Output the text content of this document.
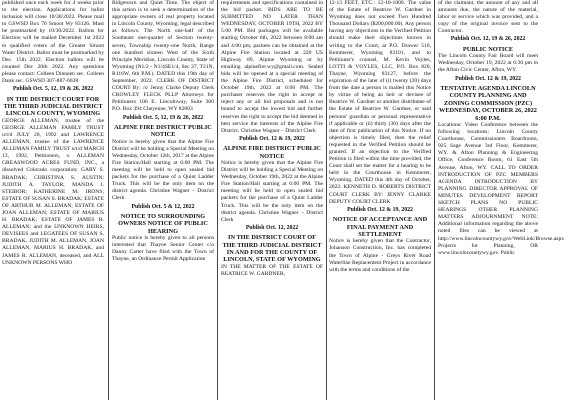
published once each week for 4 weeks prior to the election. Applications for ballot inclusion will close 10/30/2022. Please mail to GSWSD Box 76 Smoot Wy 83126. Must be postmarked by 10/30/2022. Ballots for Election will be mailed December 1st 2022 to qualified voters of the Greater Smoot Water District. Ballot must be postmarked by Dec. 15th 2022. Election ballots will be counted Dec 20th 2022. Any questions please contact: Colleen Dinneen sec. Colleen Dank sec. GSWSD 307-887-6638
Publish Oct. 5, 12, 19 & 26, 2022
IN THE DISTRICT COURT FOR THE THIRD JUDICIAL DISTRICT LINCOLN COUNTY, WYOMING
GEORGE ALLEMAN, trustee of the GEORGE ALLEMAN FAMILY TRUST u/t/d JULY 20, 1992 and LAWRENCE ALLEMAN, trustee of the LAWRENCE ALLEMAN FAMILY TRUST u/t/d MARCH 13, 1992, Petitioners, v. ALLEMAN GREASWOOD ACRES FUND, INC., a dissolved Colorado corporation; GARY S. BRADAK; CHRISTINA S. AUSTIN; JUDITH A. TAYLOR; MANDA J. STEIBOR; KATHERINE M. IRONS; ESTATE OF SUSAN S. BRADAK; ESTATE OF ARTHUR M. ALLEMAN; ESTATE OF JOAN ALLEMAN; ESTATE OF MARIUS H. BRADAK; ESTATE OF JAMES R. ALLEMAN; and the UNKNOWN HEIRS, DEVISEES and LEGATEES OF SUSAN S. BRADAK, JUDITH M. ALLEMAN, JOAN ALLEMAN, MARIUS H. BRADAK, and JAMES R. ALLEMAN, deceased, and ALL UNKNOWN PERSONS WHO
Ridgetown and Quiet Time. The object of this action is to seek a determination of the appropriate owners of real property located in Lincoln County, Wyoming, legal described as follows: The North one-half of the Southeast one-quarter of Section twenty-seven, Township twenty-one North, Range one hundred sixteen West of the Sixth Principle Meridian, Lincoln County, State of Wyoming (N1/2 - N1/4SE1/4, Sec 27, T21N, R116W, 6th P.M.). DATED this 19th day of September, 2022. CLERK OF DISTRICT COURT By: /s/ Jenny Clarke Deputy Clerk CROWLEY FLECK PLLP Attorneys for Petitioners 106 E. Lincolnway, Suite 300 P.O. Box 394 Cheyenne, WY 82003
Publish Oct. 5, 12, 19 & 26, 2022
ALPINE FIRE DISTRICT PUBLIC NOTICE
Notice is hereby given that the Alpine Fire District will be holding a Special Meeting on Wednesday, October 12th, 2017 at the Alpine Fire Station/Hall starting at 6:00 PM. The meeting will be held to open sealed bid packets for the purchase of a Quint Ladder Truck. This will be the only item on the district agenda. Christine Wagner – District Clerk
Publish Oct. 5 & 12, 2022
NOTICE TO SURROUNDING OWNERS NOTICE OF PUBLIC HEARING
Public notice is hereby given to all persons interested that Thayne Senior Center c/o Danny Carter have filed with the Town of Thayne, an Ordinance Permit Application
requirements and specifications contained in the bid packet. BIDS ARE TO BE SUBMITTED NO LATER THAN WEDNESDAY, OCTOBER 19TH, 2022 BY 5:00 PM. Bid packages will be available starting October 6th, 2022 between 8:00 am and 4:00 pm, packets can be obtained at the Alpine Fire Station located at 220 US Highway 89, Alpine Wyoming or by emailing alpinefire.wy@gmail.com. Sealed bids will be opened at a special meeting of the Alpine Fire District, scheduled for October 19th, 2022 at 6:00 PM. The purchaser reserves the right to accept or reject any or all bid proposals and is not bound to accept the lowest bid and further reserves the right to accept the bid deemed in best service the interests of the Alpine Fire District. Christine Wagner – District Clerk
Publish Oct. 12 & 19, 2022
ALPINE FIRE DISTRICT PUBLIC NOTICE
Notice is hereby given that the Alpine Fire District will be holding a Special Meeting on Wednesday, October 19th, 2022 at the Alpine Fire Station/Hall starting at 6:00 PM. The meeting will be held to open sealed bid packets for the purchase of a Quint Ladder Truck. This will be the only item on the district agenda. Christine Wagner – District Clerk
Publish Oct. 12, 2022
IN THE DISTRICT COURT OF THE THIRD JUDICIAL DISTRICT IN AND FOR THE COUNTY OF LINCOLN, STATE OF WYOMING
IN THE MATTER OF THE ESTATE OF BEATRICE W. GARDNER,
12-13 FEET, ETC.: 12-10-1000. The value of the Estate of Beatrice W. Gardner in Wyoming does not exceed Two Hundred Thousand Dollars ($200,000.00). Any person having any objections to the Verified Petition should make their objections known in writing to the Court, at P.O. Drawer 510, Kemmerer, Wyoming 83101, and to Petitioner's counsel, M. Kevin Voyles, LOTTI & VOYLES, LLC, P.O. Box 820, Thayne, Wyoming 83127, before the expiration of the later of (i) twenty (20) days from the date a person is mailed this Notice by virtue of being an heir or devisee of Beatrice W. Gardner or another distributee of the Estate of Beatrice W. Gardner, or said persons' guardian or personal representative if applicable or (ii) thirty (30) days after the date of first publication of this Notice. If no objection is timely filed, then the relief requested in the Verified Petition should be granted. If an objection to the Verified Petition is filed within the time provided, the Court shall set the matter for a hearing to be held in the Courthouse in Kemmerer, Wyoming. DATED this 4th day of October, 2022. KENNETH D. ROBERTS DISTRICT COURT CLERK BY: JENNY CLARKE DEPUTY COURT CLERK
Publish Oct. 12 & 19, 2022
NOTICE OF ACCEPTANCE AND FINAL PAYMENT AND SETTLEMENT
Notice is hereby given that the Contractor, Johanson Construction, Inc. has completed the Town of Alpine - Greys River Road Waterline Replacement Project in accordance with the terms and conditions of the
of the claimant, the amount of any and all amounts due, the nature of the material, labor or service which was provided, and a copy of the original invoice sent to the Contractor.
Publish Oct. 12, 19 & 26, 2022
PUBLIC NOTICE
The Lincoln County Fair Board will meet Wednesday, October 19, 2022 at 6:30 pm in the Afton Civic Center, Afton, WY.
Publish Oct. 12 & 19, 2022
TENTATIVE AGENDA LINCOLN COUNTY PLANNING AND ZONING COMMISSION (PZC) WEDNESDAY, OCTOBER 26, 2022 6:00 P.M.
Locations: Video Conference between the following locations: Lincoln County Courthouse, Commissioners Boardroom, 925 Sage Avenue 3rd Floor, Kemmerer, WY. & Afton Planning & Engineering Office, Conference Room, 61 East 5th Avenue, Afton, WY. CALL TO ORDER INTRODUCTION OF PZC MEMBERS AGENDA INTRODUCTION BY PLANNING DIRECTOR APPROVAL OF MINUTES DEVELOPMENT REPORT SKETCH PLANS NO PUBLIC HEARINGS OTHER PLANNING MATTERS ADJOURNMENT NOTE: Additional information regarding the above noted files can be viewed at http://www.lincolncountywy.gov/WebLink/Browse.aspx Projects for Planning, OR www.lincolncountywy.gov. Public
